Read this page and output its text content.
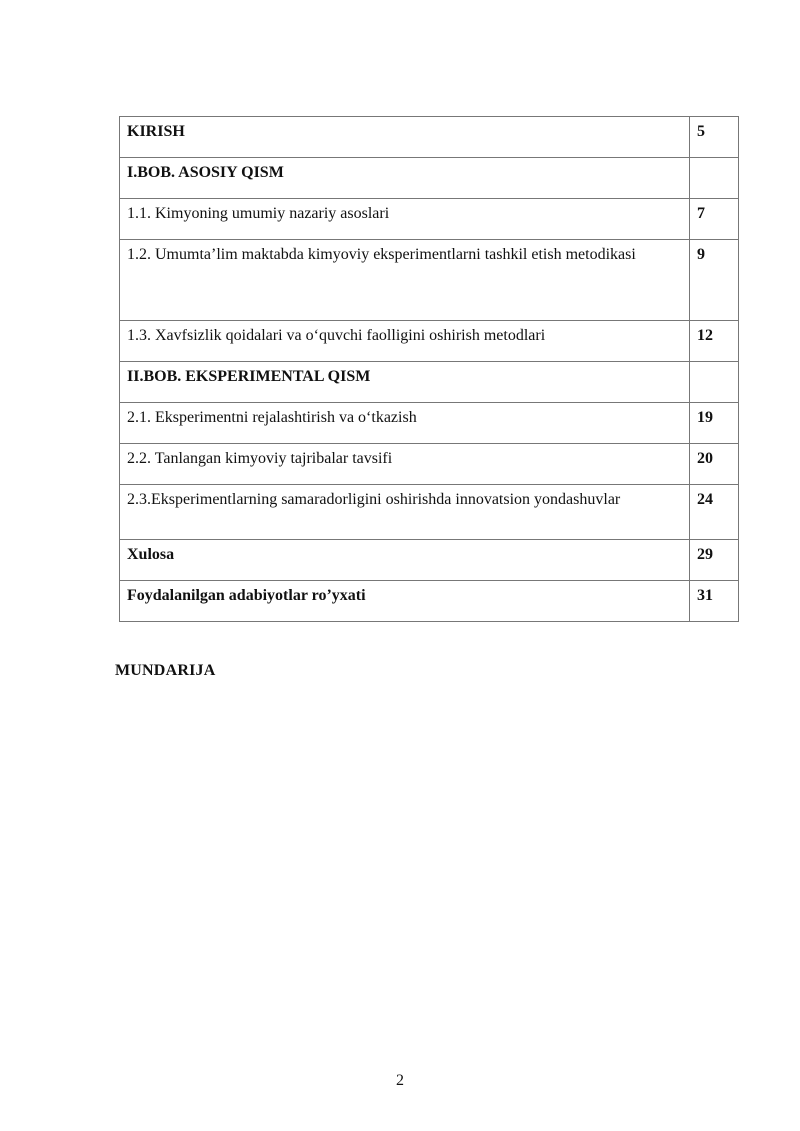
KIRISH	5
I.BOB. ASOSIY QISM	
1.1. Kimyoning umumiy nazariy asoslari	7
1.2. Umumta’lim maktabda kimyoviy eksperimentlarni tashkil etish metodikasi	9
1.3. Xavfsizlik qoidalari va o‘quvchi faolligini oshirish metodlari	12
II.BOB. EKSPERIMENTAL QISM	
2.1. Eksperimentni rejalashtirish va o‘tkazish	19
2.2. Tanlangan kimyoviy tajribalar tavsifi	20
2.3.Eksperimentlarning samaradorligini oshirishda innovatsion yondashuvlar	24
Xulosa	29
Foydalanilgan adabiyotlar ro’yxati	31
MUNDARIJA
2
